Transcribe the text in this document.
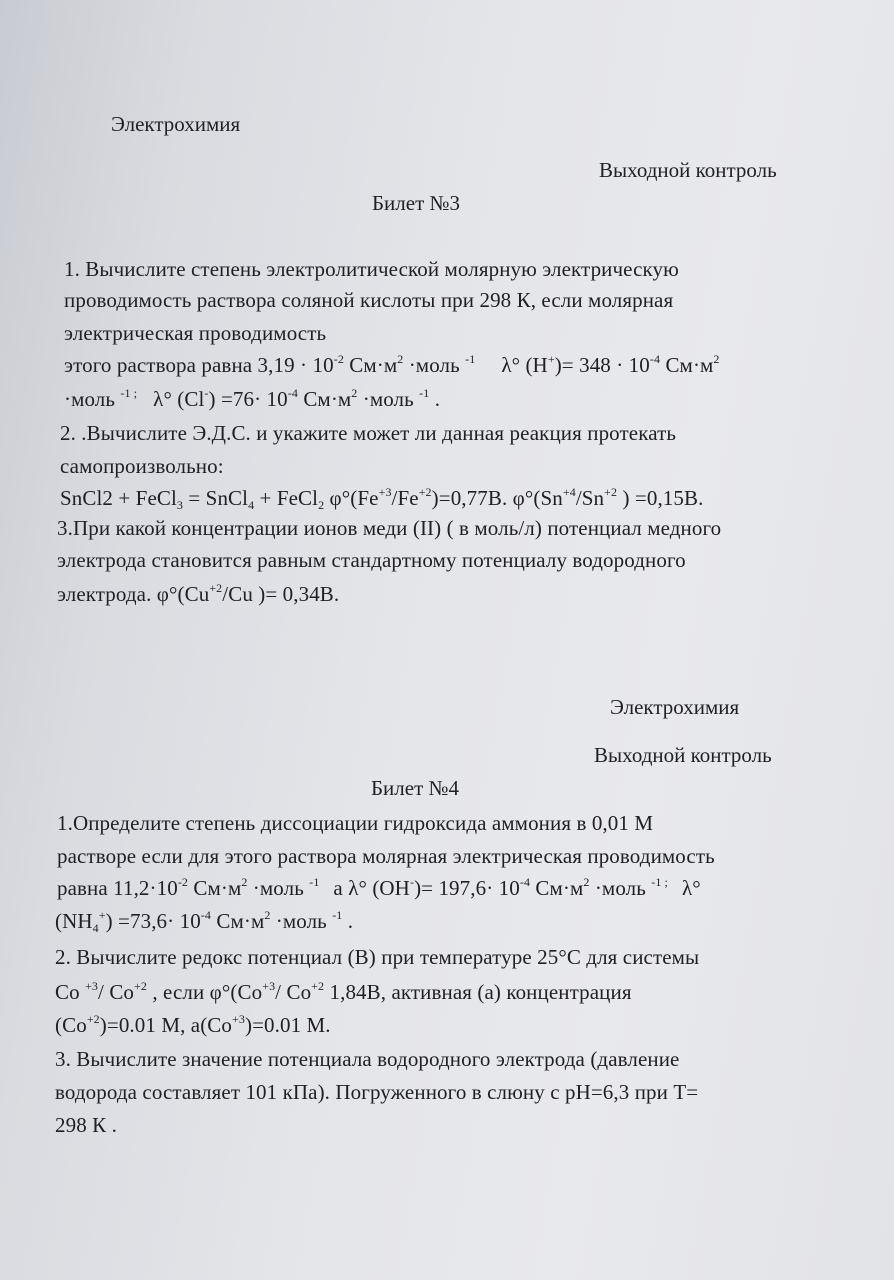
Электрохимия
Выходной контроль
Билет №3
1. Вычислите степень электролитической молярную электрическую
проводимость раствора соляной кислоты при 298 К, если молярная
электрическая проводимость
этого раствора равна $3,19 \cdot 10^{-2}$ $См\cdot м^2$ ·моль $^{-1}$ λ° $(Н^+)= 348 \cdot 10^{-4}$ $См\cdot м^2$
·моль $^{-1 ;}$ λ° $(Cl^-) =76\cdot 10^{-4}$ $См\cdot м^2$ ·моль $^{-1}$ .
2. .Вычислите Э.Д.С. и укажите может ли данная реакция протекать
самопроизвольно:
SnCl2 + FeCl$_3$ = SnCl$_4$ + FeCl$_2$ $\varphi^\circ(Fe^{+3}/Fe^{+2})=0,77В$. $\varphi^\circ(Sn^{+4}/Sn^{+2}$ ) =0,15В.
3.При какой концентрации ионов меди (II) ( в моль/л) потенциал медного
электрода становится равным стандартному потенциалу водородного
электрода. $\varphi^\circ(Cu^{+2}/Cu$ )= 0,34В.
Электрохимия
Выходной контроль
Билет №4
1.Определите степень диссоциации гидроксида аммония в 0,01 М
растворе если для этого раствора молярная электрическая проводимость
равна $11,2\cdot 10^{-2}$ $См\cdot м^2$ ·моль $^{-1}$ а λ° $(ОН^-)= 197,6\cdot 10^{-4}$ $См\cdot м^2$ ·моль $^{-1 ;}$ λ°
$(NH_4^+) =73,6\cdot 10^{-4}$ $См\cdot м^2$ ·моль $^{-1}$ .
2. Вычислите редокс потенциал (В) при температуре 25°С для системы
Со $^{+3}$/ $Со^{+2}$ , если $\varphi^\circ(Со^{+3}/$ $Со^{+2}$ 1,84В, активная (а) концентрация
$(Со^{+2})=0.01$ М, $а(Со^{+3})=0.01$ М.
3. Вычислите значение потенциала водородного электрода (давление
водорода составляет 101 кПа). Погруженного в слюну с рН=6,3 при Т=
298 К .
